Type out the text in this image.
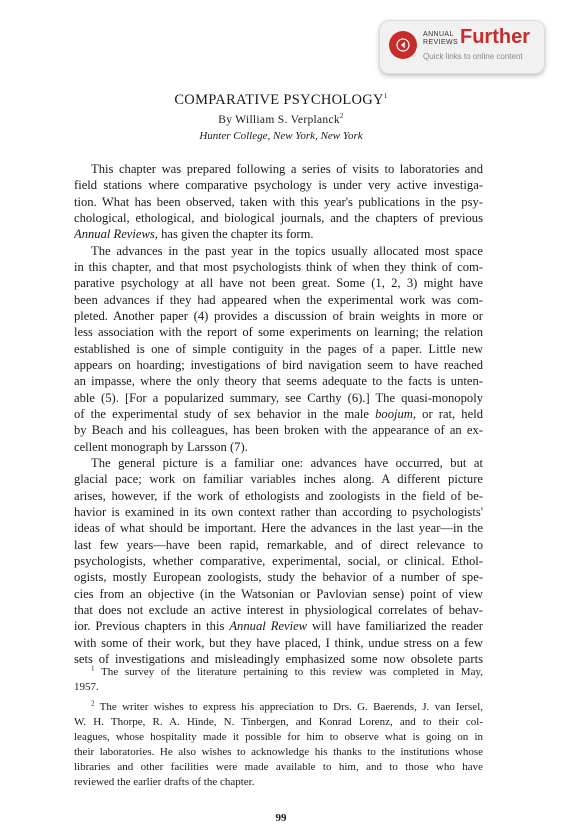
ANNUAL
REVIEWS Further
Quick links to online content
COMPARATIVE PSYCHOLOGY$^1$
By William S. Verplanck$^2$
Hunter College, New York, New York
This chapter was prepared following a series of visits to laboratories and
field stations where comparative psychology is under very active investiga-
tion. What has been observed, taken with this year's publications in the psy-
chological, ethological, and biological journals, and the chapters of previous
Annual Reviews, has given the chapter its form.
The advances in the past year in the topics usually allocated most space
in this chapter, and that most psychologists think of when they think of com-
parative psychology at all have not been great. Some (1, 2, 3) might have
been advances if they had appeared when the experimental work was com-
pleted. Another paper (4) provides a discussion of brain weights in more or
less association with the report of some experiments on learning; the relation
established is one of simple contiguity in the pages of a paper. Little new
appears on hoarding; investigations of bird navigation seem to have reached
an impasse, where the only theory that seems adequate to the facts is unten-
able (5). [For a popularized summary, see Carthy (6).] The quasi-monopoly
of the experimental study of sex behavior in the male boojum, or rat, held
by Beach and his colleagues, has been broken with the appearance of an ex-
cellent monograph by Larsson (7).
The general picture is a familiar one: advances have occurred, but at
glacial pace; work on familiar variables inches along. A different picture
arises, however, if the work of ethologists and zoologists in the field of be-
havior is examined in its own context rather than according to psychologists'
ideas of what should be important. Here the advances in the last year—in the
last few years—have been rapid, remarkable, and of direct relevance to
psychologists, whether comparative, experimental, social, or clinical. Ethol-
ogists, mostly European zoologists, study the behavior of a number of spe-
cies from an objective (in the Watsonian or Pavlovian sense) point of view
that does not exclude an active interest in physiological correlates of behav-
ior. Previous chapters in this Annual Review will have familiarized the reader
with some of their work, but they have placed, I think, undue stress on a few
sets of investigations and misleadingly emphasized some now obsolete parts
$^1$ The survey of the literature pertaining to this review was completed in May,
1957.
$^2$ The writer wishes to express his appreciation to Drs. G. Baerends, J. van Iersel,
W. H. Thorpe, R. A. Hinde, N. Tinbergen, and Konrad Lorenz, and to their col-
leagues, whose hospitality made it possible for him to observe what is going on in
their laboratories. He also wishes to acknowledge his thanks to the institutions whose
libraries and other facilities were made available to him, and to those who have
reviewed the earlier drafts of the chapter.
99
